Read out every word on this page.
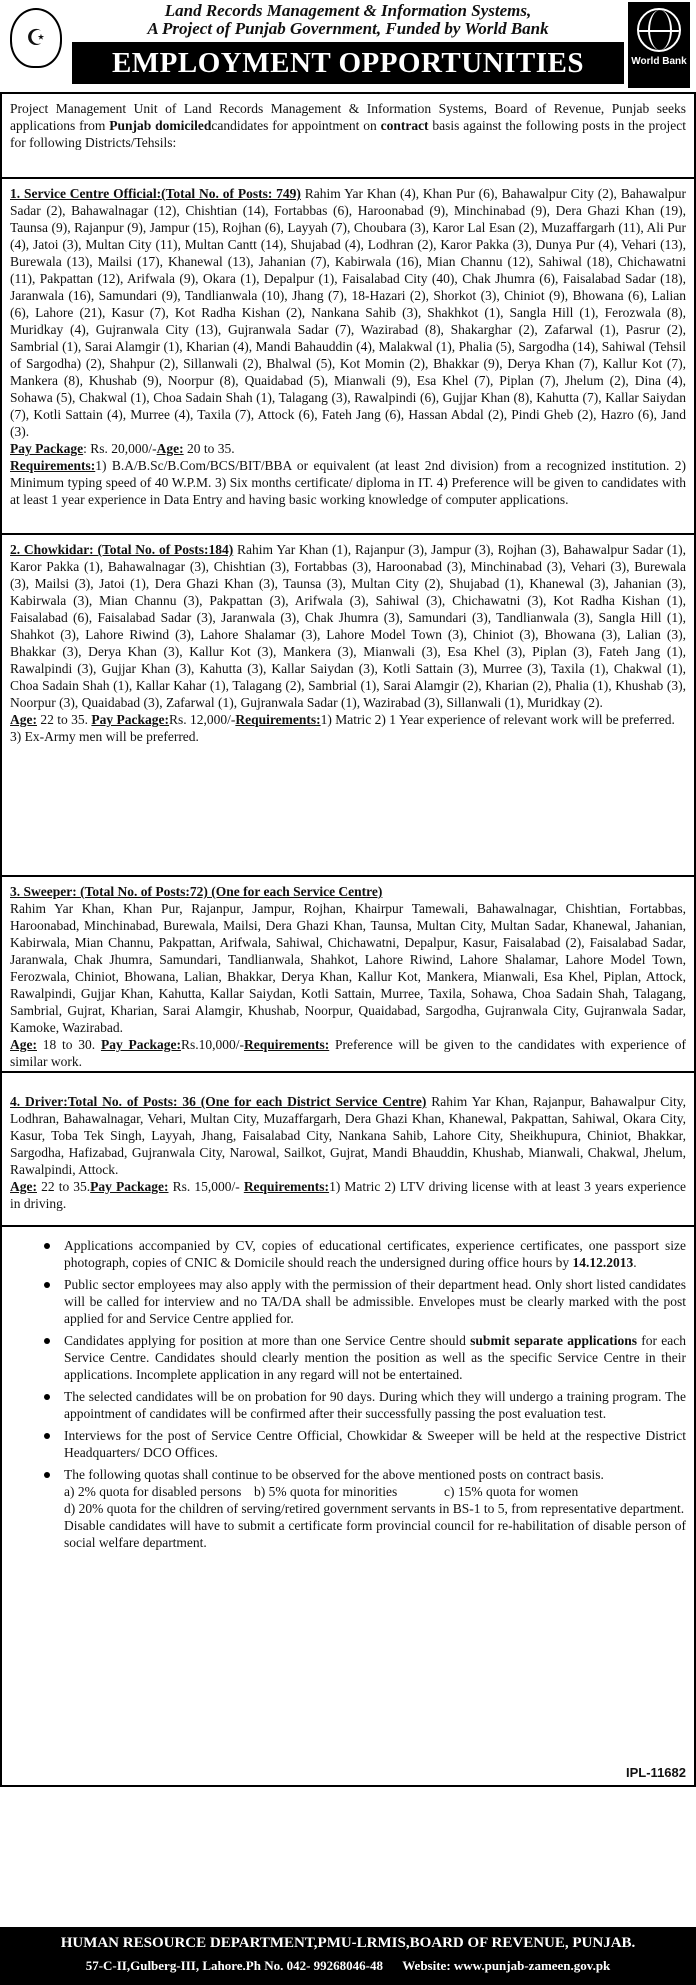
☪
Land Records Management & Information Systems,
A Project of Punjab Government, Funded by World Bank
EMPLOYMENT OPPORTUNITIES	World Bank
Project Management Unit of Land Records Management & Information Systems, Board of Revenue, Punjab seeks applications from Punjab domiciledcandidates for appointment on contract basis against the following posts in the project for following Districts/Tehsils:
1. Service Centre Official:(Total No. of Posts: 749) Rahim Yar Khan (4), Khan Pur (6), Bahawalpur City (2), Bahawalpur Sadar (2), Bahawalnagar (12), Chishtian (14), Fortabbas (6), Haroonabad (9), Minchinabad (9), Dera Ghazi Khan (19), Taunsa (9), Rajanpur (9), Jampur (15), Rojhan (6), Layyah (7), Choubara (3), Karor Lal Esan (2), Muzaffargarh (11), Ali Pur (4), Jatoi (3), Multan City (11), Multan Cantt (14), Shujabad (4), Lodhran (2), Karor Pakka (3), Dunya Pur (4), Vehari (13), Burewala (13), Mailsi (17), Khanewal (13), Jahanian (7), Kabirwala (16), Mian Channu (12), Sahiwal (18), Chichawatni (11), Pakpattan (12), Arifwala (9), Okara (1), Depalpur (1), Faisalabad City (40), Chak Jhumra (6), Faisalabad Sadar (18), Jaranwala (16), Samundari (9), Tandlianwala (10), Jhang (7), 18-Hazari (2), Shorkot (3), Chiniot (9), Bhowana (6), Lalian (6), Lahore (21), Kasur (7), Kot Radha Kishan (2), Nankana Sahib (3), Shakhkot (1), Sangla Hill (1), Ferozwala (8), Muridkay (4), Gujranwala City (13), Gujranwala Sadar (7), Wazirabad (8), Shakarghar (2), Zafarwal (1), Pasrur (2), Sambrial (1), Sarai Alamgir (1), Kharian (4), Mandi Bahauddin (4), Malakwal (1), Phalia (5), Sargodha (14), Sahiwal (Tehsil of Sargodha) (2), Shahpur (2), Sillanwali (2), Bhalwal (5), Kot Momin (2), Bhakkar (9), Derya Khan (7), Kallur Kot (7), Mankera (8), Khushab (9), Noorpur (8), Quaidabad (5), Mianwali (9), Esa Khel (7), Piplan (7), Jhelum (2), Dina (4), Sohawa (5), Chakwal (1), Choa Sadain Shah (1), Talagang (3), Rawalpindi (6), Gujjar Khan (8), Kahutta (7), Kallar Saiydan (7), Kotli Sattain (4), Murree (4), Taxila (7), Attock (6), Fateh Jang (6), Hassan Abdal (2), Pindi Gheb (2), Hazro (6), Jand (3).
Pay Package: Rs. 20,000/-Age: 20 to 35.
Requirements:1) B.A/B.Sc/B.Com/BCS/BIT/BBA or equivalent (at least 2nd division) from a recognized institution. 2) Minimum typing speed of 40 W.P.M. 3) Six months certificate/ diploma in IT. 4) Preference will be given to candidates with at least 1 year experience in Data Entry and having basic working knowledge of computer applications.
2. Chowkidar: (Total No. of Posts:184) Rahim Yar Khan (1), Rajanpur (3), Jampur (3), Rojhan (3), Bahawalpur Sadar (1), Karor Pakka (1), Bahawalnagar (3), Chishtian (3), Fortabbas (3), Haroonabad (3), Minchinabad (3), Vehari (3), Burewala (3), Mailsi (3), Jatoi (1), Dera Ghazi Khan (3), Taunsa (3), Multan City (2), Shujabad (1), Khanewal (3), Jahanian (3), Kabirwala (3), Mian Channu (3), Pakpattan (3), Arifwala (3), Sahiwal (3), Chichawatni (3), Kot Radha Kishan (1), Faisalabad (6), Faisalabad Sadar (3), Jaranwala (3), Chak Jhumra (3), Samundari (3), Tandlianwala (3), Sangla Hill (1), Shahkot (3), Lahore Riwind (3), Lahore Shalamar (3), Lahore Model Town (3), Chiniot (3), Bhowana (3), Lalian (3), Bhakkar (3), Derya Khan (3), Kallur Kot (3), Mankera (3), Mianwali (3), Esa Khel (3), Piplan (3), Fateh Jang (1), Rawalpindi (3), Gujjar Khan (3), Kahutta (3), Kallar Saiydan (3), Kotli Sattain (3), Murree (3), Taxila (1), Chakwal (1), Choa Sadain Shah (1), Kallar Kahar (1), Talagang (2), Sambrial (1), Sarai Alamgir (2), Kharian (2), Phalia (1), Khushab (3), Noorpur (3), Quaidabad (3), Zafarwal (1), Gujranwala Sadar (1), Wazirabad (3), Sillanwali (1), Muridkay (2).
Age: 22 to 35. Pay Package:Rs. 12,000/-Requirements:1) Matric 2) 1 Year experience of relevant work will be preferred.
3) Ex-Army men will be preferred.
3. Sweeper: (Total No. of Posts:72) (One for each Service Centre)
Rahim Yar Khan, Khan Pur, Rajanpur, Jampur, Rojhan, Khairpur Tamewali, Bahawalnagar, Chishtian, Fortabbas, Haroonabad, Minchinabad, Burewala, Mailsi, Dera Ghazi Khan, Taunsa, Multan City, Multan Sadar, Khanewal, Jahanian, Kabirwala, Mian Channu, Pakpattan, Arifwala, Sahiwal, Chichawatni, Depalpur, Kasur, Faisalabad (2), Faisalabad Sadar, Jaranwala, Chak Jhumra, Samundari, Tandlianwala, Shahkot, Lahore Riwind, Lahore Shalamar, Lahore Model Town, Ferozwala, Chiniot, Bhowana, Lalian, Bhakkar, Derya Khan, Kallur Kot, Mankera, Mianwali, Esa Khel, Piplan, Attock, Rawalpindi, Gujjar Khan, Kahutta, Kallar Saiydan, Kotli Sattain, Murree, Taxila, Sohawa, Choa Sadain Shah, Talagang, Sambrial, Gujrat, Kharian, Sarai Alamgir, Khushab, Noorpur, Quaidabad, Sargodha, Gujranwala City, Gujranwala Sadar, Kamoke, Wazirabad.
Age: 18 to 30. Pay Package:Rs.10,000/-Requirements: Preference will be given to the candidates with experience of similar work.
4. Driver:Total No. of Posts: 36 (One for each District Service Centre) Rahim Yar Khan, Rajanpur, Bahawalpur City, Lodhran, Bahawalnagar, Vehari, Multan City, Muzaffargarh, Dera Ghazi Khan, Khanewal, Pakpattan, Sahiwal, Okara City, Kasur, Toba Tek Singh, Layyah, Jhang, Faisalabad City, Nankana Sahib, Lahore City, Sheikhupura, Chiniot, Bhakkar, Sargodha, Hafizabad, Gujranwala City, Narowal, Sailkot, Gujrat, Mandi Bhauddin, Khushab, Mianwali, Chakwal, Jhelum, Rawalpindi, Attock.
Age: 22 to 35.Pay Package: Rs. 15,000/- Requirements:1) Matric 2) LTV driving license with at least 3 years experience in driving.
Applications accompanied by CV, copies of educational certificates, experience certificates, one passport size photograph, copies of CNIC & Domicile should reach the undersigned during office hours by 14.12.2013.
Public sector employees may also apply with the permission of their department head. Only short listed candidates will be called for interview and no TA/DA shall be admissible. Envelopes must be clearly marked with the post applied for and Service Centre applied for.
Candidates applying for position at more than one Service Centre should submit separate applications for each Service Centre. Candidates should clearly mention the position as well as the specific Service Centre in their applications. Incomplete application in any regard will not be entertained.
The selected candidates will be on probation for 90 days. During which they will undergo a training program. The appointment of candidates will be confirmed after their successfully passing the post evaluation test.
Interviews for the post of Service Centre Official, Chowkidar & Sweeper will be held at the respective District Headquarters/ DCO Offices.
The following quotas shall continue to be observed for the above mentioned posts on contract basis.
a) 2% quota for disabled persons b) 5% quota for minorities	c) 15% quota for women
d) 20% quota for the children of serving/retired government servants in BS-1 to 5, from representative department.
Disable candidates will have to submit a certificate form provincial council for re-habilitation of disable person of social welfare department.
IPL-11682
HUMAN RESOURCE DEPARTMENT,PMU-LRMIS,BOARD OF REVENUE, PUNJAB.
57-C-II,Gulberg-III, Lahore.Ph No. 042- 99268046-48 Website: www.punjab-zameen.gov.pk
